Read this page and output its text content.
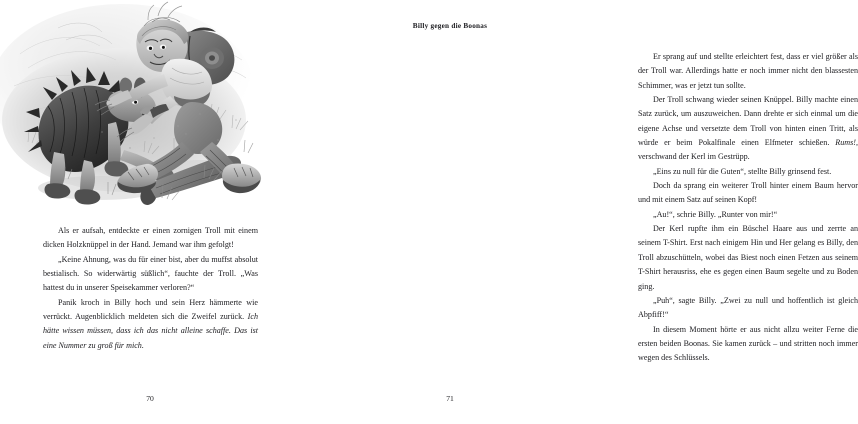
Als er aufsah, entdeckte er einen zornigen Troll mit einem dicken Holzknüppel in der Hand. Jemand war ihm gefolgt!

„Keine Ahnung, was du für einer bist, aber du muffst absolut bestialisch. So widerwärtig süßlich“, fauchte der Troll. „Was hattest du in unserer Speisekammer verloren?“

Panik kroch in Billy hoch und sein Herz hämmerte wie verrückt. Augenblicklich meldeten sich die Zweifel zurück. Ich hätte wissen müssen, dass ich das nicht alleine schaffe. Das ist eine Nummer zu groß für mich.

70
Billy gegen die Boonas

Er sprang auf und stellte erleichtert fest, dass er viel größer als der Troll war. Allerdings hatte er noch immer nicht den blassesten Schimmer, was er jetzt tun sollte.

Der Troll schwang wieder seinen Knüppel. Billy machte einen Satz zurück, um auszuweichen. Dann drehte er sich einmal um die eigene Achse und versetzte dem Troll von hinten einen Tritt, als würde er beim Pokalfinale einen Elfmeter schießen. Rums!, verschwand der Kerl im Gestrüpp.

„Eins zu null für die Guten“, stellte Billy grinsend fest.

Doch da sprang ein weiterer Troll hinter einem Baum hervor und mit einem Satz auf seinen Kopf!

„Au!“, schrie Billy. „Runter von mir!“

Der Kerl rupfte ihm ein Büschel Haare aus und zerrte an seinem T-Shirt. Erst nach einigem Hin und Her gelang es Billy, den Troll abzuschütteln, wobei das Biest noch einen Fetzen aus seinem T-Shirt herausriss, ehe es gegen einen Baum segelte und zu Boden ging.

„Puh“, sagte Billy. „Zwei zu null und hoffentlich ist gleich Abpfiff!“

In diesem Moment hörte er aus nicht allzu weiter Ferne die ersten beiden Boonas. Sie kamen zurück – und stritten noch immer wegen des Schlüssels.

71
